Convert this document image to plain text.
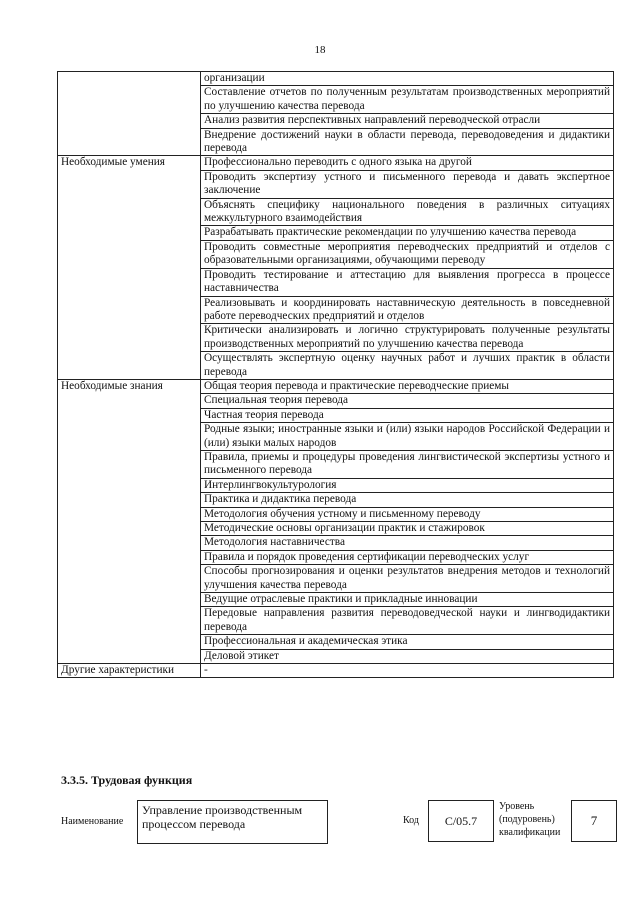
18
	организации
	Составление отчетов по полученным результатам производственных мероприятий по улучшению качества перевода
	Анализ развития перспективных направлений переводческой отрасли
	Внедрение достижений науки в области перевода, переводоведения и дидактики перевода
Необходимые умения	Профессионально переводить с одного языка на другой
	Проводить экспертизу устного и письменного перевода и давать экспертное заключение
	Объяснять специфику национального поведения в различных ситуациях межкультурного взаимодействия
	Разрабатывать практические рекомендации по улучшению качества перевода
	Проводить совместные мероприятия переводческих предприятий и отделов с образовательными организациями, обучающими переводу
	Проводить тестирование и аттестацию для выявления прогресса в процессе наставничества
	Реализовывать и координировать наставническую деятельность в повседневной работе переводческих предприятий и отделов
	Критически анализировать и логично структурировать полученные результаты производственных мероприятий по улучшению качества перевода
	Осуществлять экспертную оценку научных работ и лучших практик в области перевода
Необходимые знания	Общая теория перевода и практические переводческие приемы
	Специальная теория перевода
	Частная теория перевода
	Родные языки; иностранные языки и (или) языки народов Российской Федерации и (или) языки малых народов
	Правила, приемы и процедуры проведения лингвистической экспертизы устного и письменного перевода
	Интерлингвокультурология
	Практика и дидактика перевода
	Методология обучения устному и письменному переводу
	Методические основы организации практик и стажировок
	Методология наставничества
	Правила и порядок проведения сертификации переводческих услуг
	Способы прогнозирования и оценки результатов внедрения методов и технологий улучшения качества перевода
	Ведущие отраслевые практики и прикладные инновации
	Передовые направления развития переводоведческой науки и лингводидактики перевода
	Профессиональная и академическая этика
	Деловой этикет
Другие характеристики	-
3.3.5. Трудовая функция
Наименование
Управление производственным процессом перевода	Код	C/05.7
Уровень (подуровень) квалификации
7
